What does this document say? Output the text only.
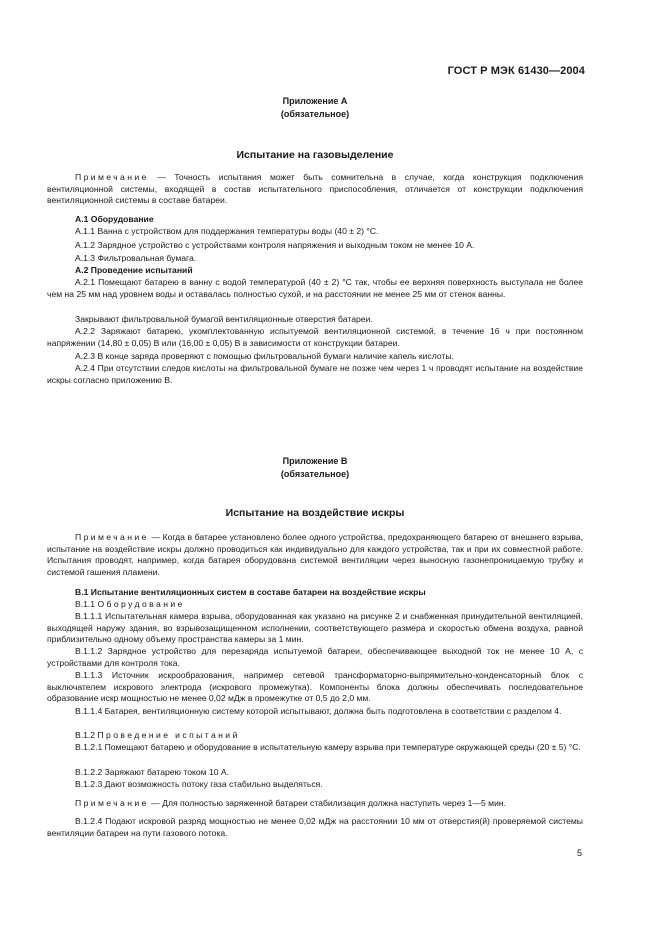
ГОСТ Р МЭК 61430—2004
Приложение А
(обязательное)
Испытание на газовыделение

Примечание — Точность испытания может быть сомнительна в случае, когда конструкция подключения вентиляционной системы, входящей в состав испытательного приспособления, отличается от конструкции подключения вентиляционной системы в составе батареи.

А.1 Оборудование

А.1.1 Ванна с устройством для поддержания температуры воды (40 ± 2) °С.

А.1.2 Зарядное устройство с устройствами контроля напряжения и выходным током не менее 10 А.

А.1.3 Фильтровальная бумага.

А.2 Проведение испытаний

А.2.1 Помещают батарею в ванну с водой температурой (40 ± 2) °С так, чтобы ее верхняя поверхность выступала не более чем на 25 мм над уровнем воды и оставалась полностью сухой, и на расстоянии не менее 25 мм от стенок ванны.

Закрывают фильтровальной бумагой вентиляционные отверстия батареи.

А.2.2 Заряжают батарею, укомплектованную испытуемой вентиляционной системой, в течение 16 ч при постоянном напряжении (14,80 ± 0,05) В или (16,00 ± 0,05) В в зависимости от конструкции батареи.

А.2.3 В конце заряда проверяют с помощью фильтровальной бумаги наличие капель кислоты.

А.2.4 При отсутствии следов кислоты на фильтровальной бумаге не позже чем через 1 ч проводят испытание на воздействие искры согласно приложению В.

Приложение В
(обязательное)
Испытание на воздействие искры

Примечание — Когда в батарее установлено более одного устройства, предохраняющего батарею от внешнего взрыва, испытание на воздействие искры должно проводиться как индивидуально для каждого устройства, так и при их совместной работе. Испытания проводят, например, когда батарея оборудована системой вентиляции через выносную газонепроницаемую трубку и системой гашения пламени.

В.1 Испытание вентиляционных систем в составе батареи на воздействие искры

В.1.1 Оборудование

В.1.1.1 Испытательная камера взрыва, оборудованная как указано на рисунке 2 и снабженная принудительной вентиляцией, выходящей наружу здания, во взрывозащищенном исполнении, соответствующего размера и скоростью обмена воздуха, равной приблизительно одному объему пространства камеры за 1 мин.

В.1.1.2 Зарядное устройство для перезаряда испытуемой батареи, обеспечивающее выходной ток не менее 10 А, с устройствами для контроля тока.

В.1.1.3 Источник искрообразования, например сетевой трансформаторно-выпрямительно-конденсаторный блок с выключателем искрового электрода (искрового промежутка). Компоненты блока должны обеспечивать последовательное образование искр мощностью не менее 0,02 мДж в промежутке от 0,5 до 2,0 мм.

В.1.1.4 Батарея, вентиляционную систему которой испытывают, должна быть подготовлена в соответствии с разделом 4.

В.1.2 Проведение испытаний

В.1.2.1 Помещают батарею и оборудование в испытательную камеру взрыва при температуре окружающей среды (20 ± 5) °С.

В.1.2.2 Заряжают батарею током 10 А.

В.1.2.3 Дают возможность потоку газа стабильно выделяться.

Примечание — Для полностью заряженной батареи стабилизация должна наступить через 1—5 мин.

В.1.2.4 Подают искровой разряд мощностью не менее 0,02 мДж на расстоянии 10 мм от отверстия(й) проверяемой системы вентиляции батареи на пути газового потока.

5
